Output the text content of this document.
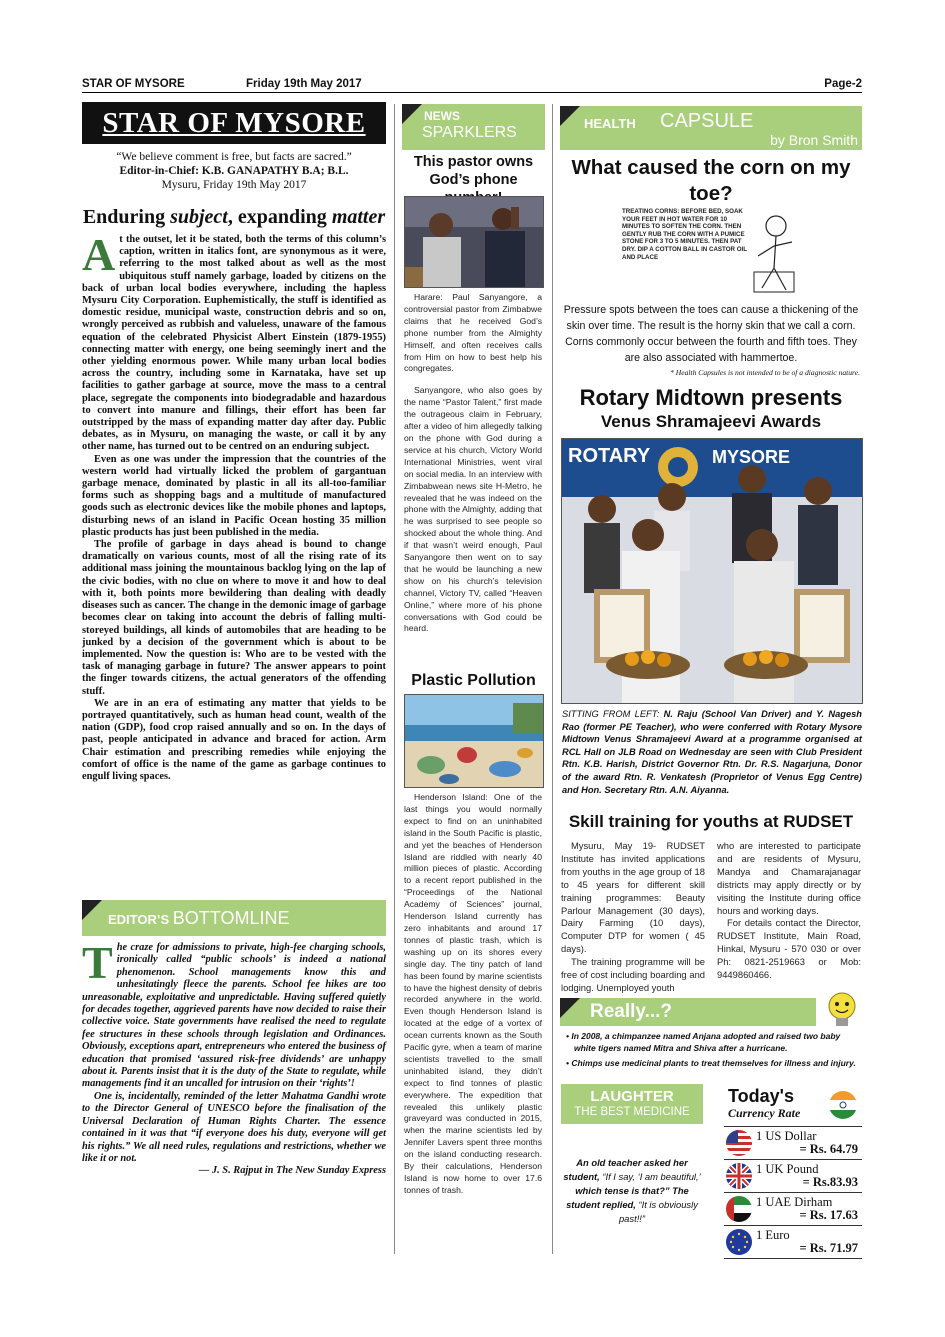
STAR OF MYSORE	Friday 19th May 2017	Page-2
STAR OF MYSORE
“We believe comment is free, but facts are sacred.”
Editor-in-Chief: K.B. GANAPATHY B.A; B.L.
Mysuru, Friday 19th May 2017
Enduring subject, expanding matter

At the outset, let it be stated, both the terms of this column’s caption, written in italics font, are synonymous as it were, referring to the most talked about as well as the most ubiquitous stuff namely garbage, loaded by citizens on the back of urban local bodies everywhere, including the hapless Mysuru City Corporation. Euphemistically, the stuff is identified as domestic residue, municipal waste, construction debris and so on, wrongly perceived as rubbish and valueless, unaware of the famous equation of the celebrated Physicist Albert Einstein (1879-1955) connecting matter with energy, one being seemingly inert and the other yielding enormous power. While many urban local bodies across the country, including some in Karnataka, have set up facilities to gather garbage at source, move the mass to a central place, segregate the components into biodegradable and hazardous to convert into manure and fillings, their effort has been far outstripped by the mass of expanding matter day after day. Public debates, as in Mysuru, on managing the waste, or call it by any other name, has turned out to be centred on an enduring subject.

Even as one was under the impression that the countries of the western world had virtually licked the problem of gargantuan garbage menace, dominated by plastic in all its all-too-familiar forms such as shopping bags and a multitude of manufactured goods such as electronic devices like the mobile phones and laptops, disturbing news of an island in Pacific Ocean hosting 35 million plastic products has just been published in the media.

The profile of garbage in days ahead is bound to change dramatically on various counts, most of all the rising rate of its additional mass joining the mountainous backlog lying on the lap of the civic bodies, with no clue on where to move it and how to deal with it, both points more bewildering than dealing with deadly diseases such as cancer. The change in the demonic image of garbage becomes clear on taking into account the debris of falling multi-storeyed buildings, all kinds of automobiles that are heading to be junked by a decision of the government which is about to be implemented. Now the question is: Who are to be vested with the task of managing garbage in future? The answer appears to point the finger towards citizens, the actual generators of the offending stuff.

We are in an era of estimating any matter that yields to be portrayed quantitatively, such as human head count, wealth of the nation (GDP), food crop raised annually and so on. In the days of past, people anticipated in advance and braced for action. Arm Chair estimation and prescribing remedies while enjoying the comfort of office is the name of the game as garbage continues to engulf living spaces.

EDITOR’S BOTTOMLINE

The craze for admissions to private, high-fee charging schools, ironically called “public schools’ is indeed a national phenomenon. School managements know this and unhesitatingly fleece the parents. School fee hikes are too unreasonable, exploitative and unpredictable. Having suffered quietly for decades together, aggrieved parents have now decided to raise their collective voice. State governments have realised the need to regulate fee structures in these schools through legislation and Ordinances. Obviously, exceptions apart, entrepreneurs who entered the business of education that promised ‘assured risk-free dividends’ are unhappy about it. Parents insist that it is the duty of the State to regulate, while managements find it an uncalled for intrusion on their ‘rights’!

One is, incidentally, reminded of the letter Mahatma Gandhi wrote to the Director General of UNESCO before the finalisation of the Universal Declaration of Human Rights Charter. The essence contained in it was that “if everyone does his duty, everyone will get his rights.” We all need rules, regulations and restrictions, whether we like it or not.

— J. S. Rajput in The New Sunday Express
NEWS
SPARKLERS
This pastor owns God’s phone

Harare: Paul Sanyangore, a controversial pastor from Zimbabwe claims that he received God’s phone number from the Almighty Himself, and often receives calls from Him on how to best help his congregates.

Sanyangore, who also goes by the name “Pastor Talent,” first made the outrageous claim in February, after a video of him allegedly talking on the phone with God during a service at his church, Victory World International Ministries, went viral on social media. In an interview with Zimbabwean news site H-Metro, he revealed that he was indeed on the phone with the Almighty, adding that he was surprised to see people so shocked about the whole thing. And if that wasn’t weird enough, Paul Sanyangore then went on to say that he would be launching a new show on his church’s television channel, Victory TV, called “Heaven Online,” where more of his phone conversations with God could be heard.

Plastic Pollution

Henderson Island: One of the last things you would normally expect to find on an uninhabited island in the South Pacific is plastic, and yet the beaches of Henderson Island are riddled with nearly 40 million pieces of plastic. According to a recent report published in the “Proceedings of the National Academy of Sciences” journal, Henderson Island currently has zero inhabitants and around 17 tonnes of plastic trash, which is washing up on its shores every single day. The tiny patch of land has been found by marine scientists to have the highest density of debris recorded anywhere in the world. Even though Henderson Island is located at the edge of a vortex of ocean currents known as the South Pacific gyre, when a team of marine scientists travelled to the small uninhabited island, they didn’t expect to find tonnes of plastic everywhere. The expedition that revealed this unlikely plastic graveyard was conducted in 2015, when the marine scientists led by Jennifer Lavers spent three months on the island conducting research. By their calculations, Henderson Island is now home to over 17.6 tonnes of trash.

HEALTH CAPSULE
by Bron Smith
What caused the corn on my toe?
TREATING CORNS: BEFORE BED, SOAK YOUR FEET IN HOT WATER FOR 10 MINUTES TO SOFTEN THE CORN. THEN GENTLY RUB THE CORN WITH A PUMICE STONE FOR 3 TO 5 MINUTES. THEN PAT DRY. DIP A COTTON BALL IN CASTOR OIL AND PLACE
Pressure spots between the toes can cause a thickening of the skin over time. The result is the horny skin that we call a corn. Corns commonly occur between the fourth and fifth toes. They are also associated with hammertoe.
* Health Capsules is not intended to be of a diagnostic nature.
Rotary Midtown presents
Venus Shramajeevi Awards
ROTARY	MYSORE
SITTING FROM LEFT: N. Raju (School Van Driver) and Y. Nagesh Rao (former PE Teacher), who were conferred with Rotary Mysore Midtown Venus Shramajeevi Award at a programme organised at RCL Hall on JLB Road on Wednesday are seen with Club President Rtn. K.B. Harish, District Governor Rtn. Dr. R.S. Nagarjuna, Donor of the award Rtn. R. Venkatesh (Proprietor of Venus Egg Centre) and Hon. Secretary Rtn. A.N. Aiyanna.
Skill training for youths at RUDSET

Mysuru, May 19- RUDSET Institute has invited applications from youths in the age group of 18 to 45 years for different skill training programmes: Beauty Parlour Management (30 days), Dairy Farming (10 days), Computer DTP for women ( 45 days).

The training programme will be free of cost including boarding and lodging. Unemployed youth

who are interested to participate and are residents of Mysuru, Mandya and Chamarajanagar districts may apply directly or by visiting the Institute during office hours and working days.

For details contact the Director, RUDSET Institute, Main Road, Hinkal, Mysuru - 570 030 or over Ph: 0821-2519663 or Mob: 9449860466.

Really...?
• In 2008, a chimpanzee named Anjana adopted and raised two baby white tigers named Mitra and Shiva after a hurricane.
• Chimps use medicinal plants to treat themselves for illness and injury.
LAUGHTER
THE BEST MEDICINE
An old teacher asked her student, “If I say, ‘I am beautiful,’ which tense is that?” The student replied, “It is obviously past!!”
Today's
Currency Rate
1 US Dollar
= Rs. 64.79
1 UK Pound
= Rs.83.93
1 UAE Dirham
= Rs. 17.63
1 Euro
= Rs. 71.97
